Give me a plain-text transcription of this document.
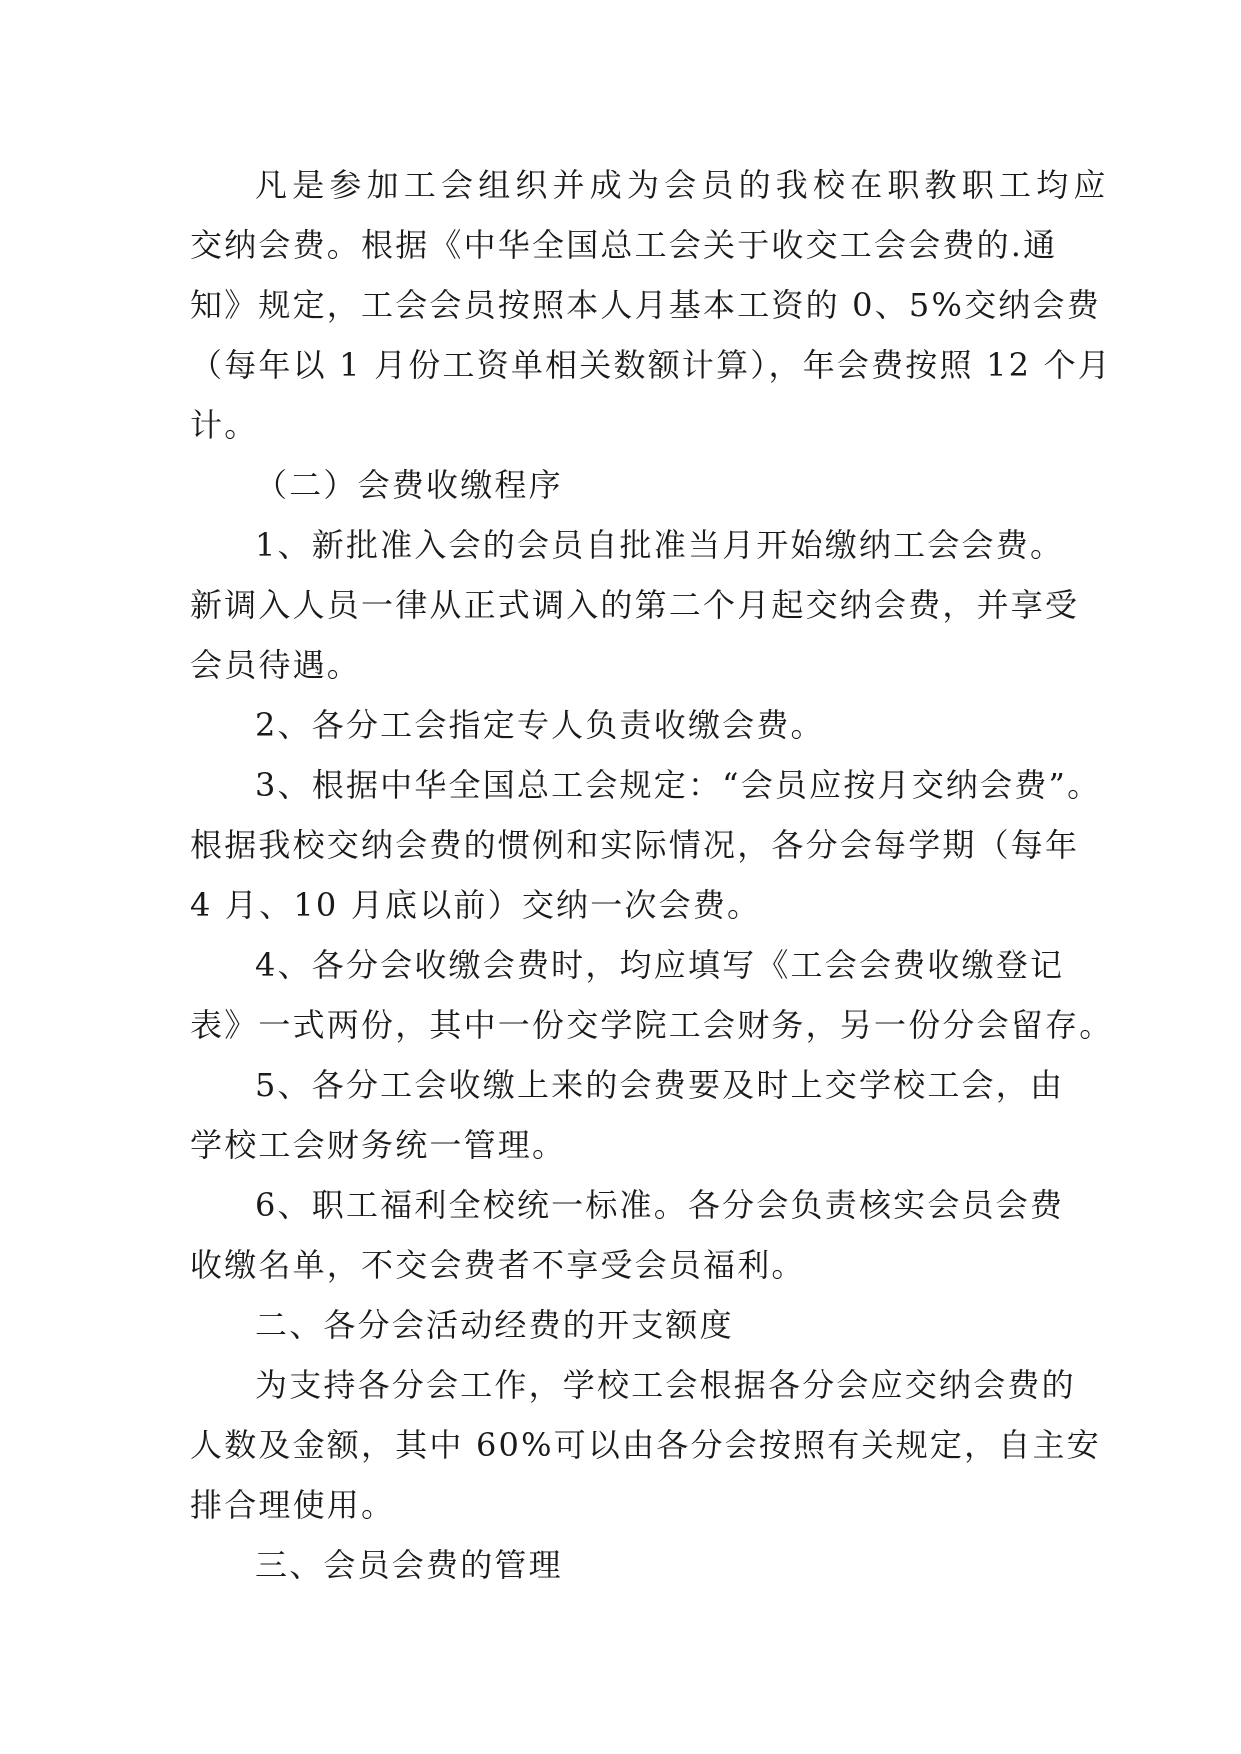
凡是参加工会组织并成为会员的我校在职教职工均应
交纳会费。根据《中华全国总工会关于收交工会会费的.通
知》规定，工会会员按照本人月基本工资的 0、5%交纳会费
（每年以 1 月份工资单相关数额计算），年会费按照 12 个月
计。
（二）会费收缴程序
1、新批准入会的会员自批准当月开始缴纳工会会费。
新调入人员一律从正式调入的第二个月起交纳会费，并享受
会员待遇。
2、各分工会指定专人负责收缴会费。
3、根据中华全国总工会规定：“会员应按月交纳会费”。
根据我校交纳会费的惯例和实际情况，各分会每学期（每年
4 月、10 月底以前）交纳一次会费。
4、各分会收缴会费时，均应填写《工会会费收缴登记
表》一式两份，其中一份交学院工会财务，另一份分会留存。
5、各分工会收缴上来的会费要及时上交学校工会，由
学校工会财务统一管理。
6、职工福利全校统一标准。各分会负责核实会员会费
收缴名单，不交会费者不享受会员福利。
二、各分会活动经费的开支额度
为支持各分会工作，学校工会根据各分会应交纳会费的
人数及金额，其中 60%可以由各分会按照有关规定，自主安
排合理使用。
三、会员会费的管理
